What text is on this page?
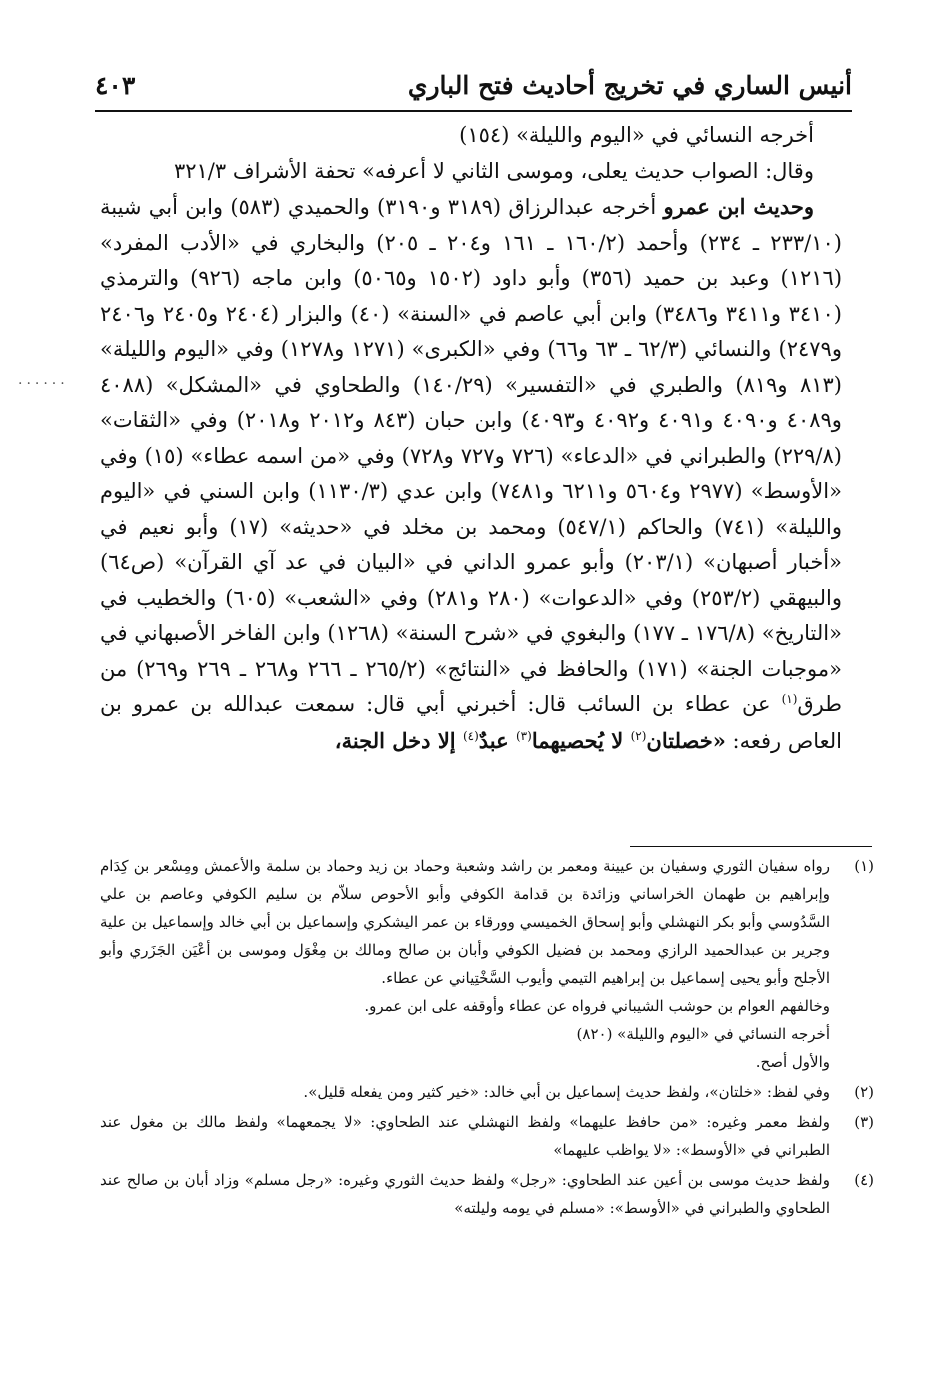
أنيس الساري في تخريج أحاديث فتح الباري
٤٠٣
......

أخرجه النسائي في «اليوم والليلة» (١٥٤)

وقال: الصواب حديث يعلى، وموسى الثاني لا أعرفه» تحفة الأشراف ٣٢١/٣

وحديث ابن عمرو أخرجه عبدالرزاق (٣١٨٩ و٣١٩٠) والحميدي (٥٨٣) وابن أبي شيبة (٢٣٣/١٠ ـ ٢٣٤) وأحمد (١٦٠/٢ ـ ١٦١ و٢٠٤ ـ ٢٠٥) والبخاري في «الأدب المفرد» (١٢١٦) وعبد بن حميد (٣٥٦) وأبو داود (١٥٠٢ و٥٠٦٥) وابن ماجه (٩٢٦) والترمذي (٣٤١٠ و٣٤١١ و٣٤٨٦) وابن أبي عاصم في «السنة» (٤٠) والبزار (٢٤٠٤ و٢٤٠٥ و٢٤٠٦ و٢٤٧٩) والنسائي (٦٢/٣ ـ ٦٣ و٦٦) وفي «الكبرى» (١٢٧١ و١٢٧٨) وفي «اليوم والليلة» (٨١٣ و٨١٩) والطبري في «التفسير» (١٤٠/٢٩) والطحاوي في «المشكل» (٤٠٨٨ و٤٠٨٩ و٤٠٩٠ و٤٠٩١ و٤٠٩٢ و٤٠٩٣) وابن حبان (٨٤٣ و٢٠١٢ و٢٠١٨) وفي «الثقات» (٢٢٩/٨) والطبراني في «الدعاء» (٧٢٦ و٧٢٧ و٧٢٨) وفي «من اسمه عطاء» (١٥) وفي «الأوسط» (٢٩٧٧ و٥٦٠٤ و٦٢١١ و٧٤٨١) وابن عدي (١١٣٠/٣) وابن السني في «اليوم والليلة» (٧٤١) والحاكم (٥٤٧/١) ومحمد بن مخلد في «حديثه» (١٧) وأبو نعيم في «أخبار أصبهان» (٢٠٣/١) وأبو عمرو الداني في «البيان في عد آي القرآن» (ص٦٤) والبيهقي (٢٥٣/٢) وفي «الدعوات» (٢٨٠ و٢٨١) وفي «الشعب» (٦٠٥) والخطيب في «التاريخ» (١٧٦/٨ ـ ١٧٧) والبغوي في «شرح السنة» (١٢٦٨) وابن الفاخر الأصبهاني في «موجبات الجنة» (١٧١) والحافظ في «النتائج» (٢٦٥/٢ ـ ٢٦٦ و٢٦٨ ـ ٢٦٩ و٢٦٩) من طرق$^{(١)}$ عن عطاء بن السائب قال: أخبرني أبي قال: سمعت عبدالله بن عمرو بن العاص رفعه: «خصلتان$^{(٢)}$ لا يُحصيهما$^{(٣)}$ عبدٌ$^{(٤)}$ إلا دخل الجنة،

(١)

رواه سفيان الثوري وسفيان بن عيينة ومعمر بن راشد وشعبة وحماد بن زيد وحماد بن سلمة والأعمش ومِسْعر بن كِدَام وإبراهيم بن طهمان الخراساني وزائدة بن قدامة الكوفي وأبو الأحوص سلاّم بن سليم الكوفي وعاصم بن علي السَّدُوسي وأبو بكر النهشلي وأبو إسحاق الخميسي وورقاء بن عمر اليشكري وإسماعيل بن أبي خالد وإسماعيل بن علية وجرير بن عبدالحميد الرازي ومحمد بن فضيل الكوفي وأبان بن صالح ومالك بن مِغْوَل وموسى بن أعْيَن الجَزَري وأبو الأجلح وأبو يحيى إسماعيل بن إبراهيم التيمي وأيوب السَّخْتِياني عن عطاء.

وخالفهم العوام بن حوشب الشيباني فرواه عن عطاء وأوقفه على ابن عمرو.

أخرجه النسائي في «اليوم والليلة» (٨٢٠)

والأول أصح.

(٢)

وفي لفظ: «خلتان»، ولفظ حديث إسماعيل بن أبي خالد: «خير كثير ومن يفعله قليل».

(٣)

ولفظ معمر وغيره: «من حافظ عليهما» ولفظ النهشلي عند الطحاوي: «لا يجمعهما» ولفظ مالك بن مغول عند الطبراني في «الأوسط»: «لا يواظب عليهما»

(٤)

ولفظ حديث موسى بن أعين عند الطحاوي: «رجل» ولفظ حديث الثوري وغيره: «رجل مسلم» وزاد أبان بن صالح عند الطحاوي والطبراني في «الأوسط»: «مسلم في يومه وليلته»
